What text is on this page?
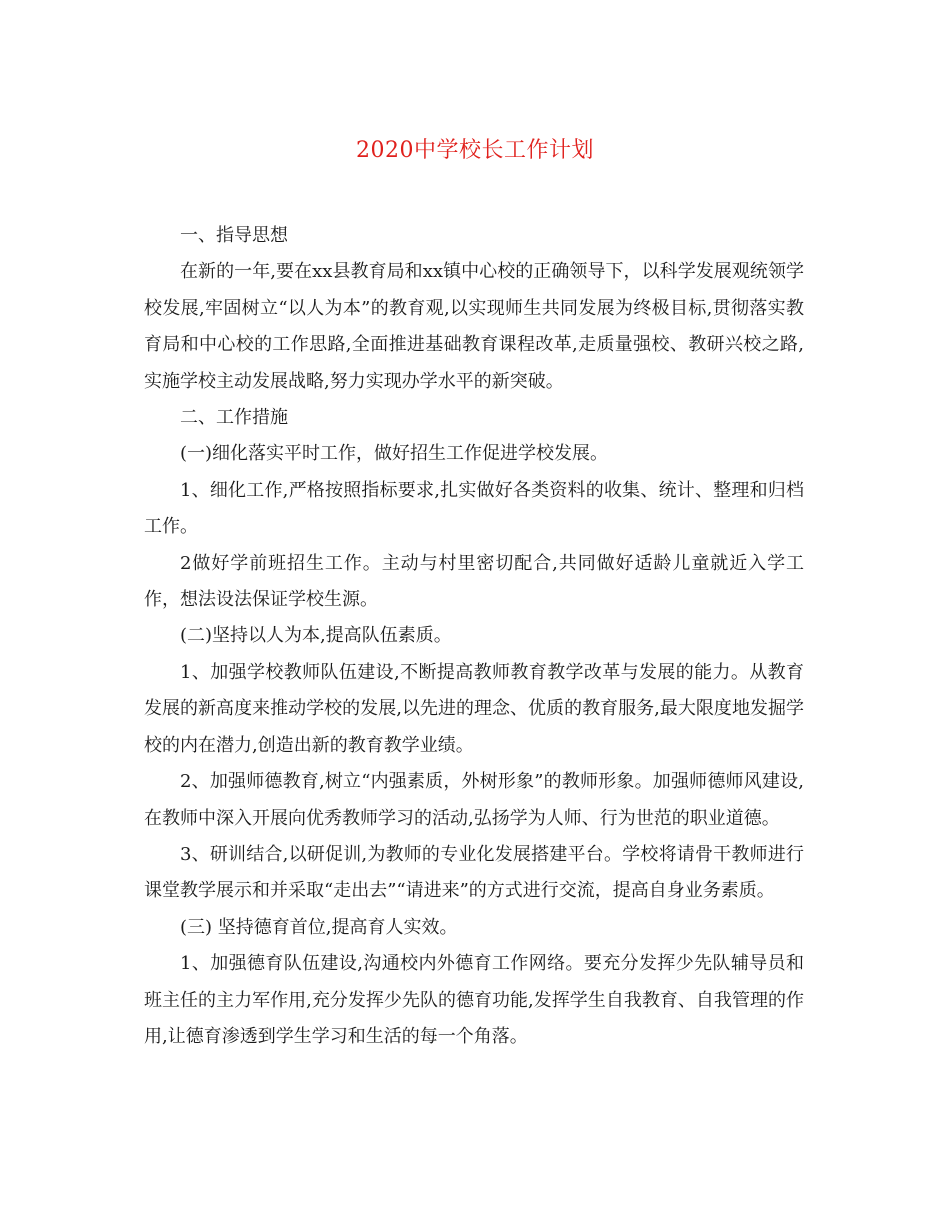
2020中学校长工作计划

一、指导思想

在新的一年,要在xx县教育局和xx镇中心校的正确领导下，以科学发展观统领学校发展,牢固树立“以人为本”的教育观,以实现师生共同发展为终极目标,贯彻落实教育局和中心校的工作思路,全面推进基础教育课程改革,走质量强校、教研兴校之路,实施学校主动发展战略,努力实现办学水平的新突破。

二、工作措施

(一)细化落实平时工作，做好招生工作促进学校发展。

1、细化工作,严格按照指标要求,扎实做好各类资料的收集、统计、整理和归档工作。

2做好学前班招生工作。主动与村里密切配合,共同做好适龄儿童就近入学工作，想法设法保证学校生源。

(二)坚持以人为本,提高队伍素质。

1、加强学校教师队伍建设,不断提高教师教育教学改革与发展的能力。从教育发展的新高度来推动学校的发展,以先进的理念、优质的教育服务,最大限度地发掘学校的内在潜力,创造出新的教育教学业绩。

2、加强师德教育,树立“内强素质，外树形象”的教师形象。加强师德师风建设,在教师中深入开展向优秀教师学习的活动,弘扬学为人师、行为世范的职业道德。

3、研训结合,以研促训,为教师的专业化发展搭建平台。学校将请骨干教师进行课堂教学展示和并采取“走出去”“请进来”的方式进行交流，提高自身业务素质。

(三) 坚持德育首位,提高育人实效。

1、加强德育队伍建设,沟通校内外德育工作网络。要充分发挥少先队辅导员和班主任的主力军作用,充分发挥少先队的德育功能,发挥学生自我教育、自我管理的作用,让德育渗透到学生学习和生活的每一个角落。
